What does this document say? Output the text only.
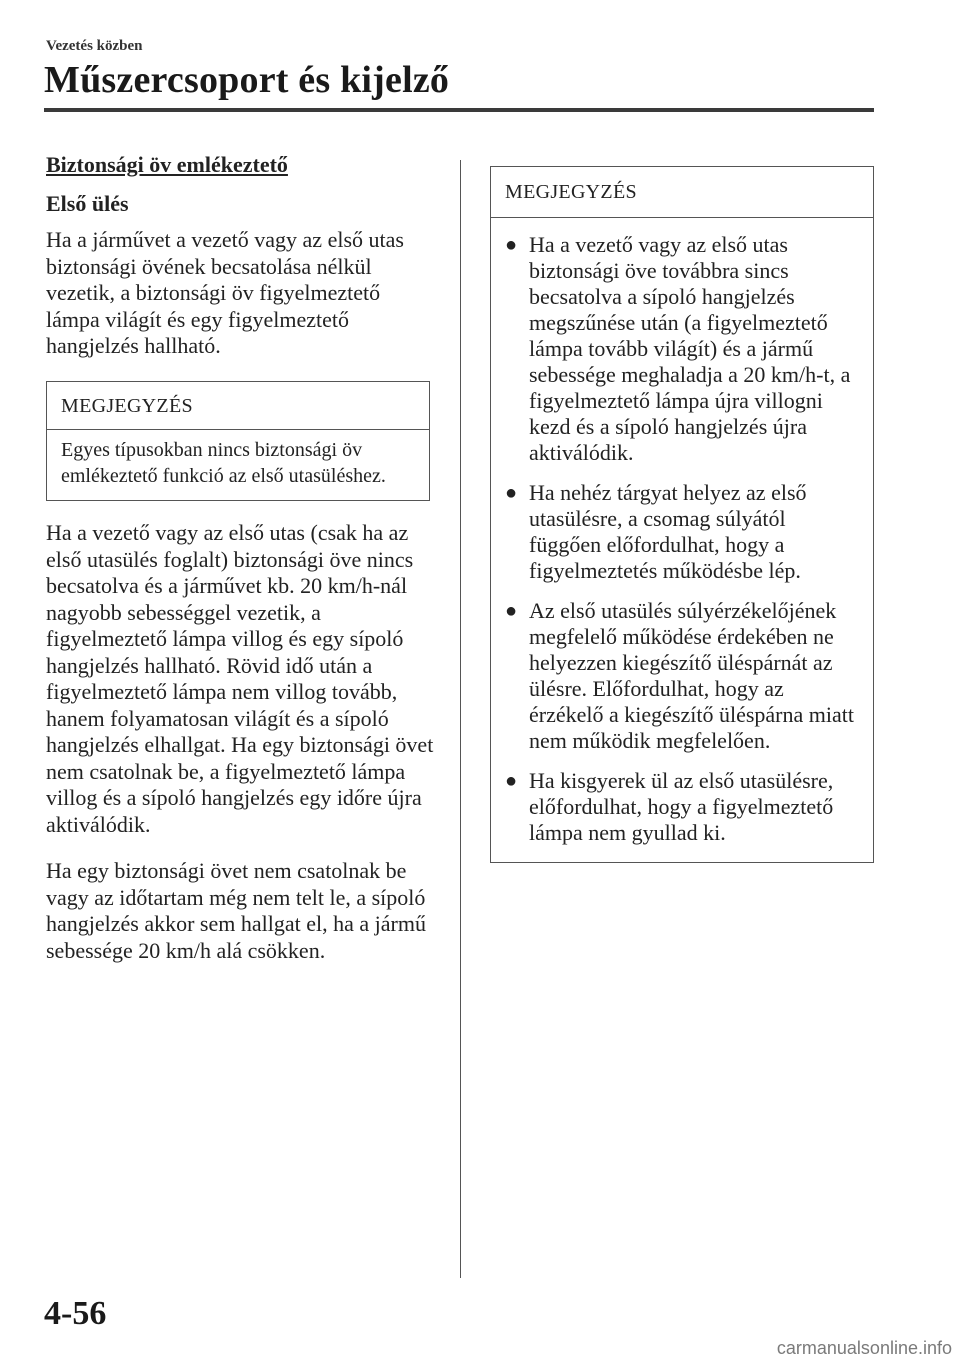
Vezetés közben
Műszercsoport és kijelző
Biztonsági öv emlékeztető
Első ülés

Ha a járművet a vezető vagy az első utas biztonsági övének becsatolása nélkül vezetik, a biztonsági öv figyelmeztető lámpa világít és egy figyelmeztető hangjelzés hallható.

MEGJEGYZÉS
Egyes típusokban nincs biztonsági öv emlékeztető funkció az első utasüléshez.

Ha a vezető vagy az első utas (csak ha az első utasülés foglalt) biztonsági öve nincs becsatolva és a járművet kb. 20 km/h-nál nagyobb sebességgel vezetik, a figyelmeztető lámpa villog és egy sípoló hangjelzés hallható. Rövid idő után a figyelmeztető lámpa nem villog tovább, hanem folyamatosan világít és a sípoló hangjelzés elhallgat. Ha egy biztonsági övet nem csatolnak be, a figyelmeztető lámpa villog és a sípoló hangjelzés egy időre újra aktiválódik.

Ha egy biztonsági övet nem csatolnak be vagy az időtartam még nem telt le, a sípoló hangjelzés akkor sem hallgat el, ha a jármű sebessége 20 km/h alá csökken.

MEGJEGYZÉS
● Ha a vezető vagy az első utas biztonsági öve továbbra sincs becsatolva a sípoló hangjelzés megszűnése után (a figyelmeztető lámpa tovább világít) és a jármű sebessége meghaladja a 20 km/h-t, a figyelmeztető lámpa újra villogni kezd és a sípoló hangjelzés újra aktiválódik.
● Ha nehéz tárgyat helyez az első utasülésre, a csomag súlyától függően előfordulhat, hogy a figyelmeztetés működésbe lép.
● Az első utasülés súlyérzékelőjének megfelelő működése érdekében ne helyezzen kiegészítő üléspárnát az ülésre. Előfordulhat, hogy az érzékelő a kiegészítő üléspárna miatt nem működik megfelelően.
● Ha kisgyerek ül az első utasülésre, előfordulhat, hogy a figyelmeztető lámpa nem gyullad ki.
4-56
carmanualsonline.info
